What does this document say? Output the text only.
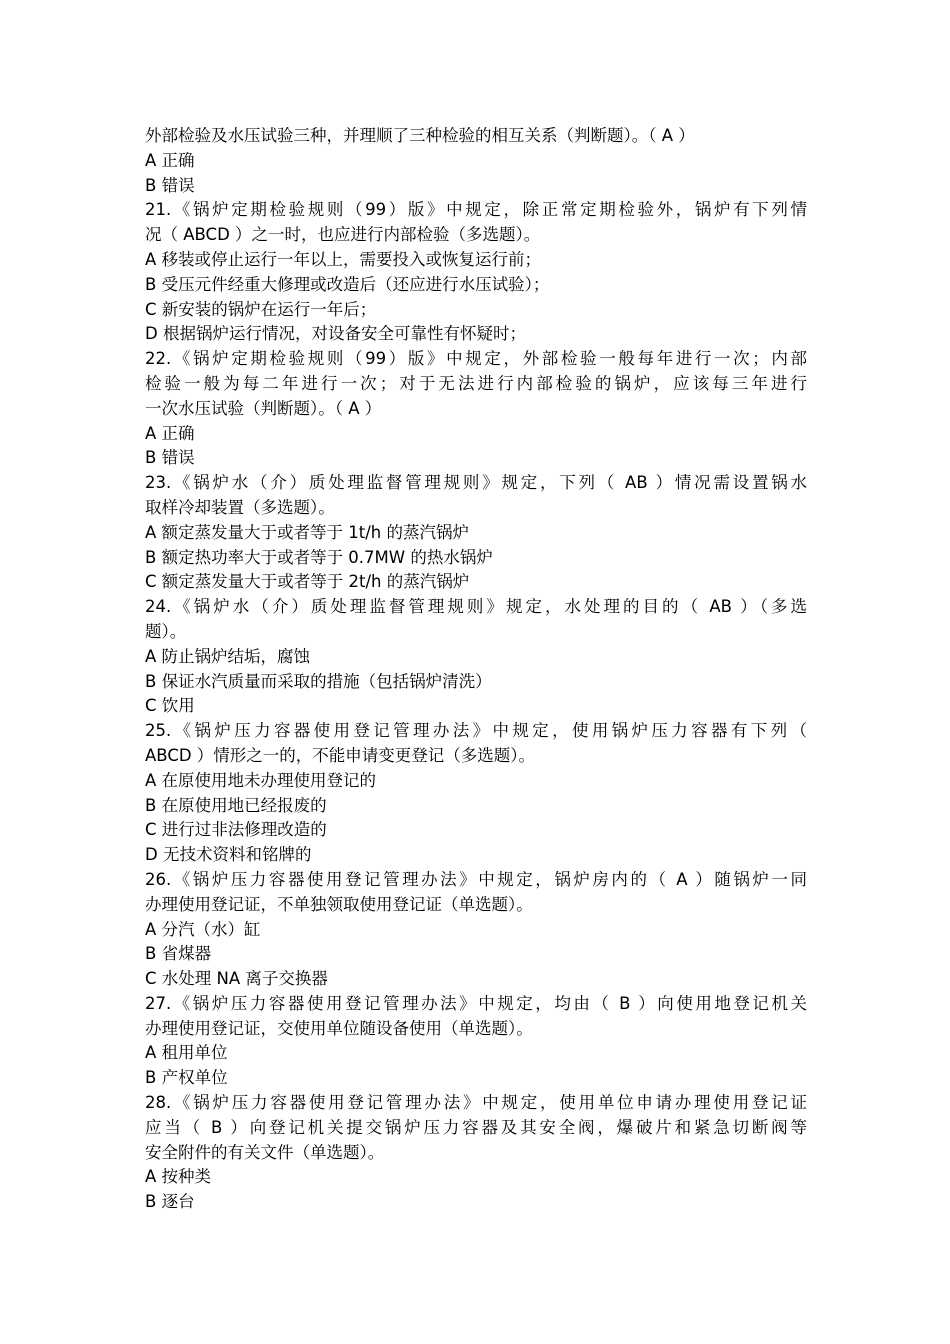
外部检验及水压试验三种，并理顺了三种检验的相互关系（判断题）。（ A ）
A 正确
B 错误
21.《锅炉定期检验规则（99）版》中规定，除正常定期检验外，锅炉有下列情
况（ ABCD ）之一时，也应进行内部检验（多选题）。
A 移装或停止运行一年以上，需要投入或恢复运行前；
B 受压元件经重大修理或改造后（还应进行水压试验）；
C 新安装的锅炉在运行一年后；
D 根据锅炉运行情况，对设备安全可靠性有怀疑时；
22.《锅炉定期检验规则（99）版》中规定，外部检验一般每年进行一次；内部
检验一般为每二年进行一次；对于无法进行内部检验的锅炉，应该每三年进行
一次水压试验（判断题）。（ A ）
A 正确
B 错误
23.《锅炉水（介）质处理监督管理规则》规定，下列（ AB ）情况需设置锅水
取样冷却装置（多选题）。
A 额定蒸发量大于或者等于 1t/h 的蒸汽锅炉
B 额定热功率大于或者等于 0.7MW 的热水锅炉
C 额定蒸发量大于或者等于 2t/h 的蒸汽锅炉
24.《锅炉水（介）质处理监督管理规则》规定，水处理的目的（ AB ）（多选
题）。
A 防止锅炉结垢，腐蚀
B 保证水汽质量而采取的措施（包括锅炉清洗）
C 饮用
25.《锅炉压力容器使用登记管理办法》中规定，使用锅炉压力容器有下列（
ABCD ）情形之一的，不能申请变更登记（多选题）。
A 在原使用地未办理使用登记的
B 在原使用地已经报废的
C 进行过非法修理改造的
D 无技术资料和铭牌的
26.《锅炉压力容器使用登记管理办法》中规定，锅炉房内的（ A ）随锅炉一同
办理使用登记证，不单独领取使用登记证（单选题）。
A 分汽（水）缸
B 省煤器
C 水处理 NA 离子交换器
27.《锅炉压力容器使用登记管理办法》中规定，均由（ B ）向使用地登记机关
办理使用登记证，交使用单位随设备使用（单选题）。
A 租用单位
B 产权单位
28.《锅炉压力容器使用登记管理办法》中规定，使用单位申请办理使用登记证
应当（ B ）向登记机关提交锅炉压力容器及其安全阀，爆破片和紧急切断阀等
安全附件的有关文件（单选题）。
A 按种类
B 逐台
